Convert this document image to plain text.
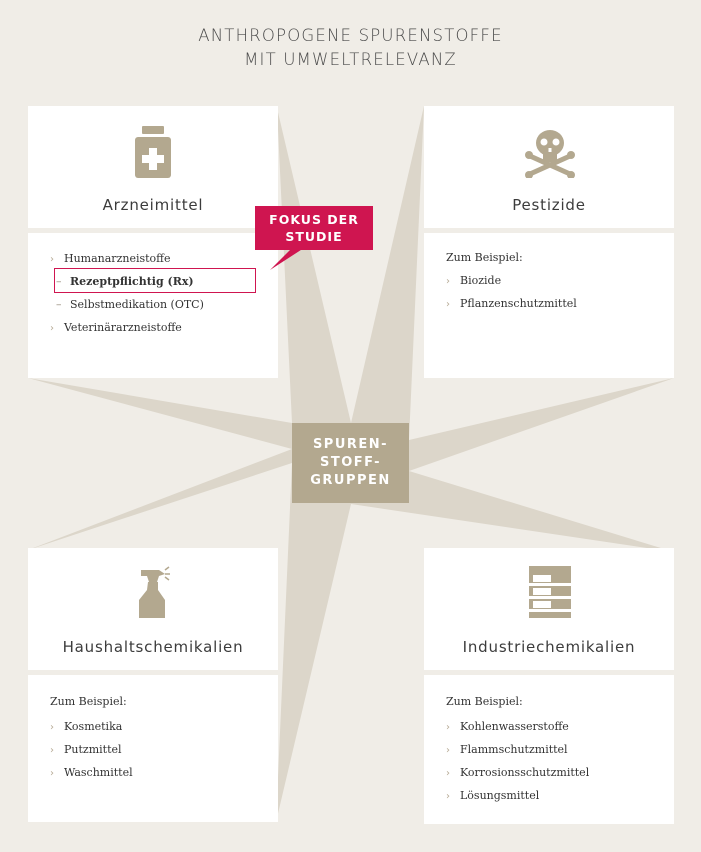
ANTHROPOGENE SPURENSTOFFE
MIT UMWELTRELEVANZ
Arzneimittel
› Humanarzneistoffe
– Rezeptpflichtig (Rx)
– Selbstmedikation (OTC)
› Veterinärarzneistoffe
FOKUS DER
STUDIE
Pestizide
Zum Beispiel:
› Biozide
› Pflanzenschutzmittel
SPUREN-
STOFF-
GRUPPEN
Haushaltschemikalien
Zum Beispiel:
› Kosmetika
› Putzmittel
› Waschmittel
Industriechemikalien
Zum Beispiel:
› Kohlenwasserstoffe
› Flammschutzmittel
› Korrosionsschutzmittel
› Lösungsmittel
